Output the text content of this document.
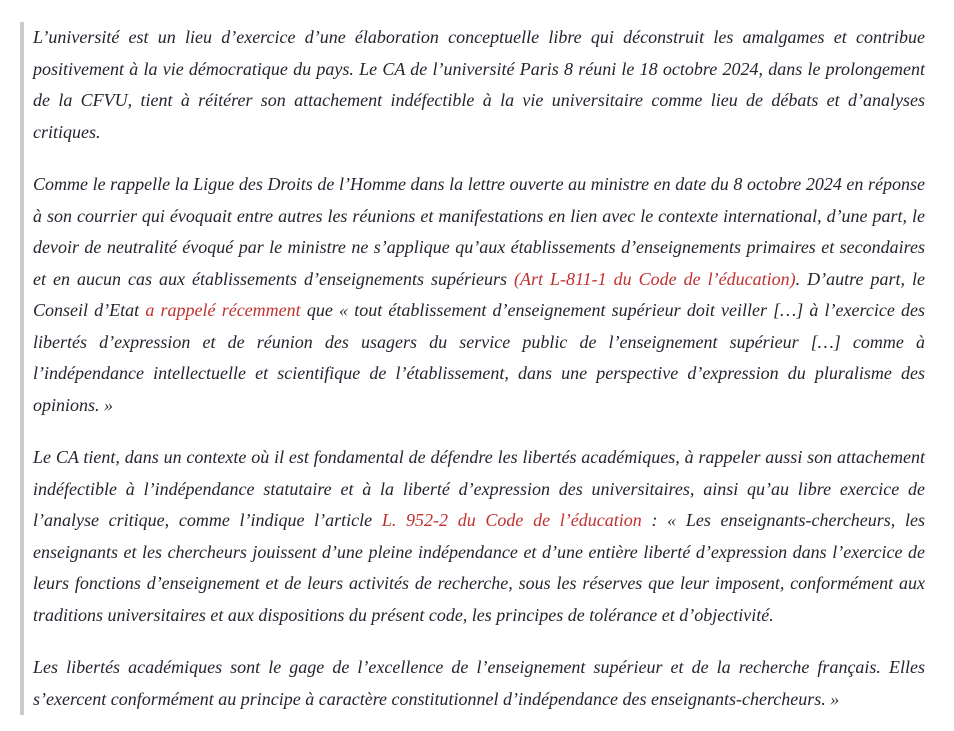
L’université est un lieu d’exercice d’une élaboration conceptuelle libre qui déconstruit les amalgames et contribue positivement à la vie démocratique du pays. Le CA de l’université Paris 8 réuni le 18 octobre 2024, dans le prolongement de la CFVU, tient à réitérer son attachement indéfectible à la vie universitaire comme lieu de débats et d’analyses critiques.

Comme le rappelle la Ligue des Droits de l’Homme dans la lettre ouverte au ministre en date du 8 octobre 2024 en réponse à son courrier qui évoquait entre autres les réunions et manifestations en lien avec le contexte international, d’une part, le devoir de neutralité évoqué par le ministre ne s’applique qu’aux établissements d’enseignements primaires et secondaires et en aucun cas aux établissements d’enseignements supérieurs (Art L-811-1 du Code de l’éducation). D’autre part, le Conseil d’Etat a rappelé récemment que « tout établissement d’enseignement supérieur doit veiller […] à l’exercice des libertés d’expression et de réunion des usagers du service public de l’enseignement supérieur […] comme à l’indépendance intellectuelle et scientifique de l’établissement, dans une perspective d’expression du pluralisme des opinions. »

Le CA tient, dans un contexte où il est fondamental de défendre les libertés académiques, à rappeler aussi son attachement indéfectible à l’indépendance statutaire et à la liberté d’expression des universitaires, ainsi qu’au libre exercice de l’analyse critique, comme l’indique l’article L. 952-2 du Code de l’éducation : « Les enseignants-chercheurs, les enseignants et les chercheurs jouissent d’une pleine indépendance et d’une entière liberté d’expression dans l’exercice de leurs fonctions d’enseignement et de leurs activités de recherche, sous les réserves que leur imposent, conformément aux traditions universitaires et aux dispositions du présent code, les principes de tolérance et d’objectivité.

Les libertés académiques sont le gage de l’excellence de l’enseignement supérieur et de la recherche français. Elles s’exercent conformément au principe à caractère constitutionnel d’indépendance des enseignants-chercheurs. »
